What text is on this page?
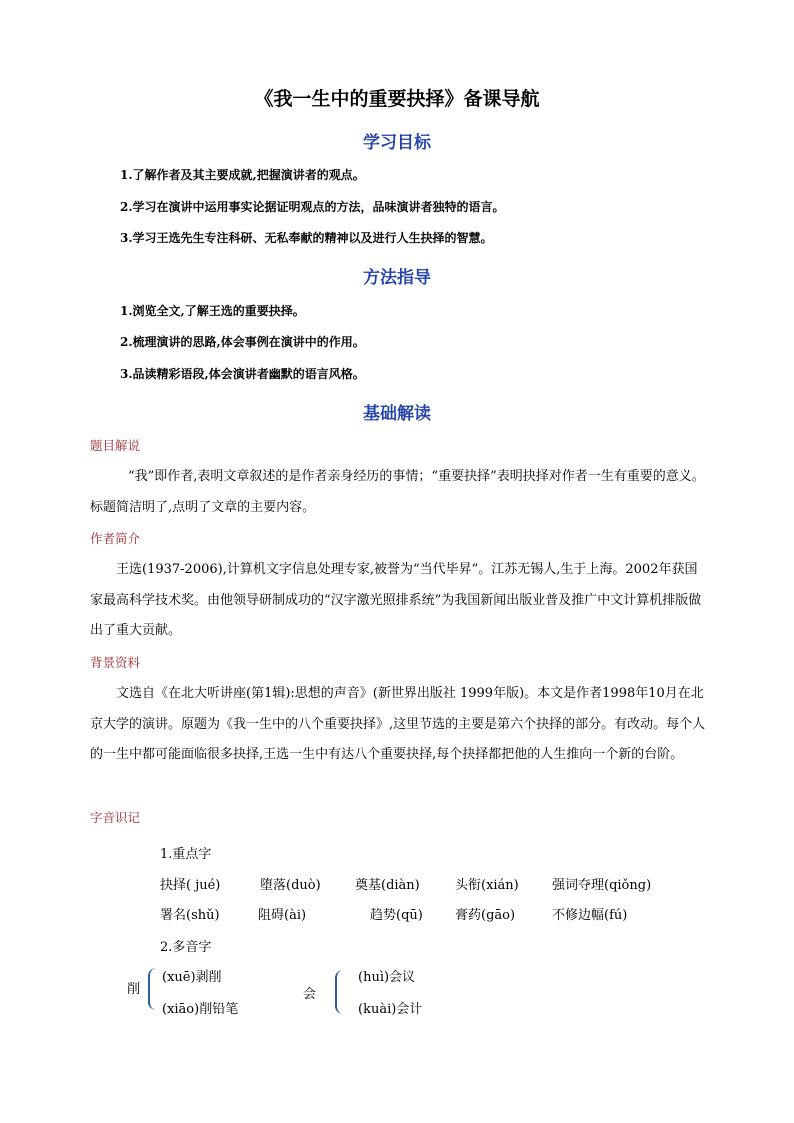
《我一生中的重要抉择》备课导航
学习目标

1.了解作者及其主要成就,把握演讲者的观点。

2.学习在演讲中运用事实论据证明观点的方法，品味演讲者独特的语言。

3.学习王选先生专注科研、无私奉献的精神以及进行人生抉择的智慧。

方法指导

1.浏览全文,了解王选的重要抉择。

2.梳理演讲的思路,体会事例在演讲中的作用。

3.品读精彩语段,体会演讲者幽默的语言风格。

基础解读

题目解说

“我”即作者,表明文章叙述的是作者亲身经历的事情；“重要抉择”表明抉择对作者一生有重要的意义。标题简洁明了,点明了文章的主要内容。

作者简介

王选(1937-2006),计算机文字信息处理专家,被誉为“当代毕昇”。江苏无锡人,生于上海。2002年获国家最高科学技术奖。由他领导研制成功的“汉字激光照排系统”为我国新闻出版业普及推广中文计算机排版做出了重大贡献。

背景资料

文选自《在北大听讲座(第1辑):思想的声音》(新世界出版社 1999年版)。本文是作者1998年10月在北京大学的演讲。原题为《我一生中的八个重要抉择》,这里节选的主要是第六个抉择的部分。有改动。每个人的一生中都可能面临很多抉择,王选一生中有达八个重要抉择,每个抉择都把他的人生推向一个新的台阶。

字音识记

1.重点字

抉择( jué)	堕落(duò)	奠基(diàn)	头衔(xián)	强词夺理(qiǒng)

署名(shǔ)	阻碍(ài)	趋势(qū) 膏药(gāo)	不修边幅(fú)

2.多音字

削

(xuē)剥削

(xiāo)削铅笔

会

(huì)会议

(kuài)会计
